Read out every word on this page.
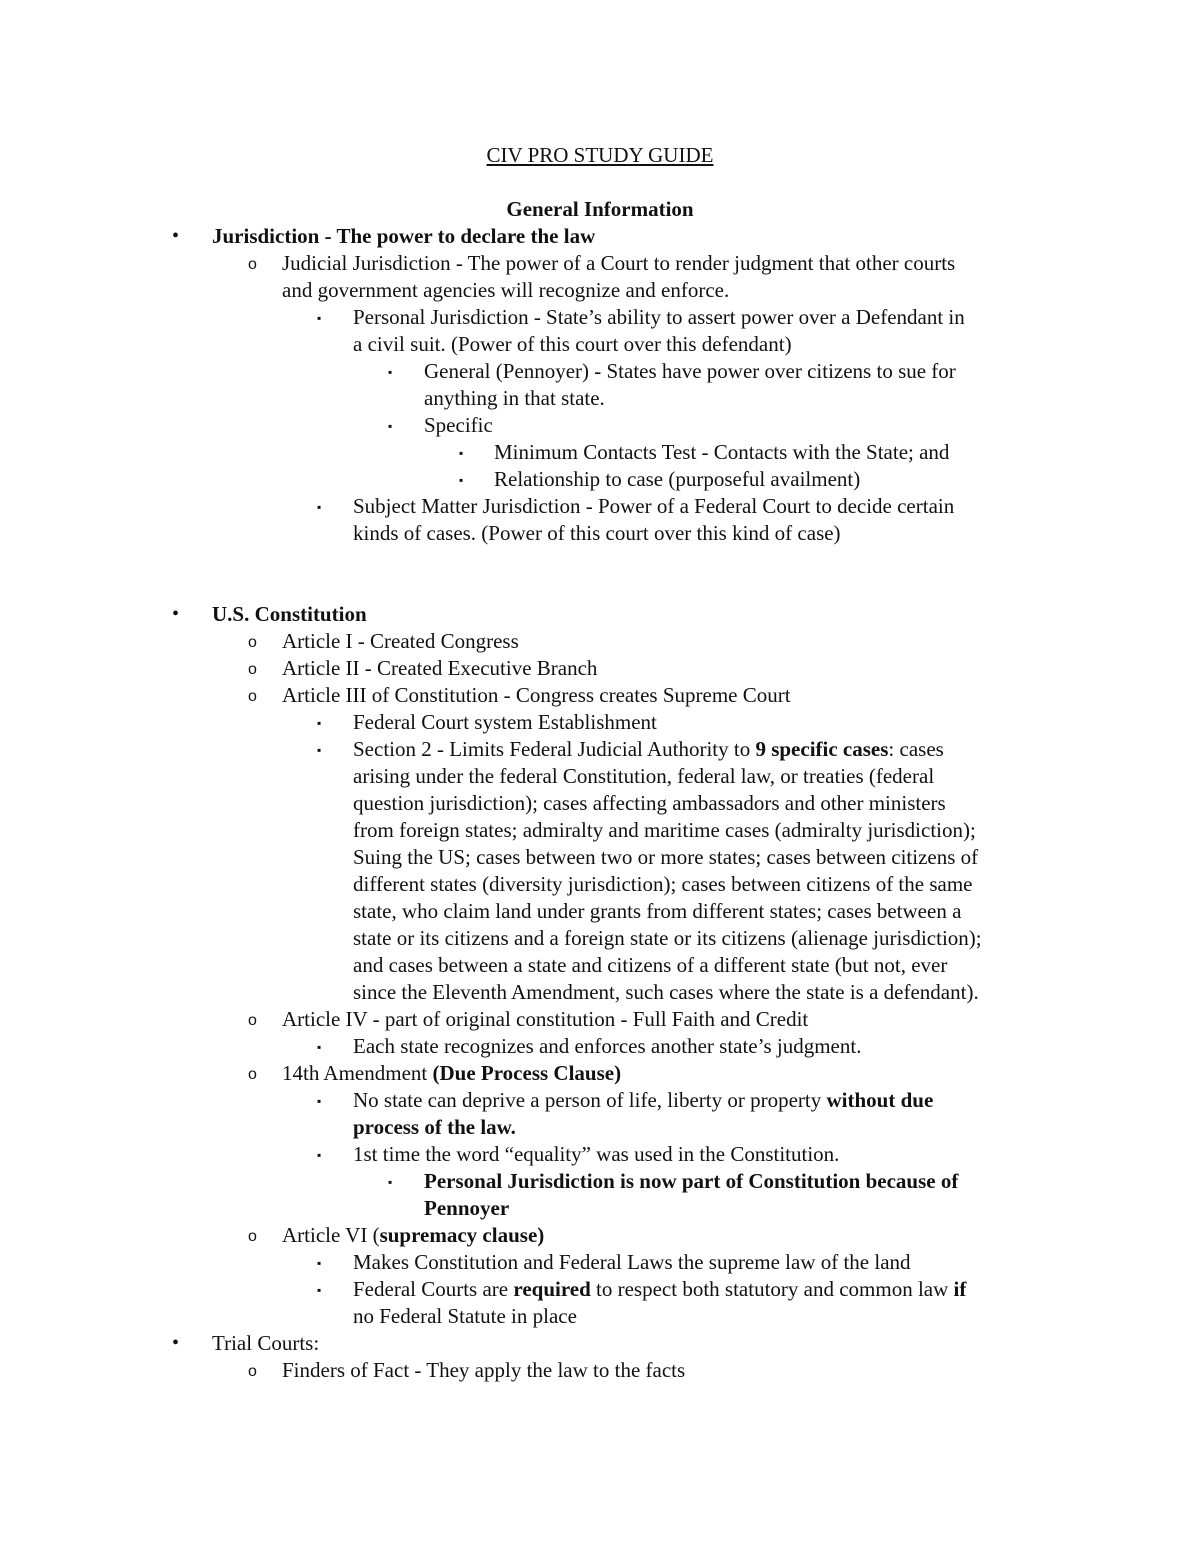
CIV PRO STUDY GUIDE
General Information
• Jurisdiction - The power to declare the law
o Judicial Jurisdiction - The power of a Court to render judgment that other courts
and government agencies will recognize and enforce.
▪ Personal Jurisdiction - State’s ability to assert power over a Defendant in
a civil suit. (Power of this court over this defendant)
▪ General (Pennoyer) - States have power over citizens to sue for
anything in that state.
▪ Specific
▪ Minimum Contacts Test - Contacts with the State; and
▪ Relationship to case (purposeful availment)
▪ Subject Matter Jurisdiction - Power of a Federal Court to decide certain
kinds of cases. (Power of this court over this kind of case)
• U.S. Constitution
o Article I - Created Congress
o Article II - Created Executive Branch
o Article III of Constitution - Congress creates Supreme Court
▪ Federal Court system Establishment
▪ Section 2 - Limits Federal Judicial Authority to 9 specific cases: cases
arising under the federal Constitution, federal law, or treaties (federal
question jurisdiction); cases affecting ambassadors and other ministers
from foreign states; admiralty and maritime cases (admiralty jurisdiction);
Suing the US; cases between two or more states; cases between citizens of
different states (diversity jurisdiction); cases between citizens of the same
state, who claim land under grants from different states; cases between a
state or its citizens and a foreign state or its citizens (alienage jurisdiction);
and cases between a state and citizens of a different state (but not, ever
since the Eleventh Amendment, such cases where the state is a defendant).
o Article IV - part of original constitution - Full Faith and Credit
▪ Each state recognizes and enforces another state’s judgment.
o 14th Amendment (Due Process Clause)
▪ No state can deprive a person of life, liberty or property without due
process of the law.
▪ 1st time the word “equality” was used in the Constitution.
▪ Personal Jurisdiction is now part of Constitution because of
Pennoyer
o Article VI (supremacy clause)
▪ Makes Constitution and Federal Laws the supreme law of the land
▪ Federal Courts are required to respect both statutory and common law if
no Federal Statute in place
• Trial Courts:
o Finders of Fact - They apply the law to the facts
